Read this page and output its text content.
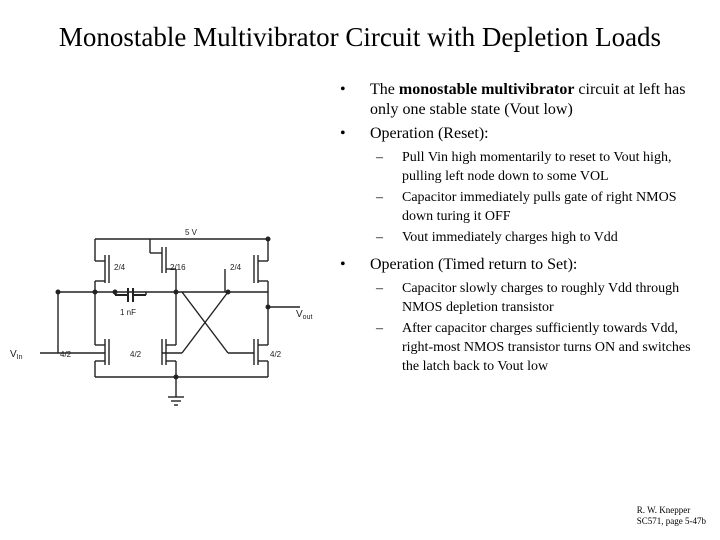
Monostable Multivibrator Circuit with Depletion Loads
5 V
1 nF
2/4	2/16	2/4
4/2	4/2	4/2
$V_{In}$
$V_{out}$
• The monostable multivibrator circuit at left has only one stable state (Vout low)
• Operation (Reset):
– Pull Vin high momentarily to reset to Vout high, pulling left node down to some VOL
– Capacitor immediately pulls gate of right NMOS down turing it OFF
– Vout immediately charges high to Vdd
• Operation (Timed return to Set):
– Capacitor slowly charges to roughly Vdd through NMOS depletion transistor
– After capacitor charges sufficiently towards Vdd, right-most NMOS transistor turns ON and switches the latch back to Vout low
R. W. Knepper
SC571, page 5-47b
